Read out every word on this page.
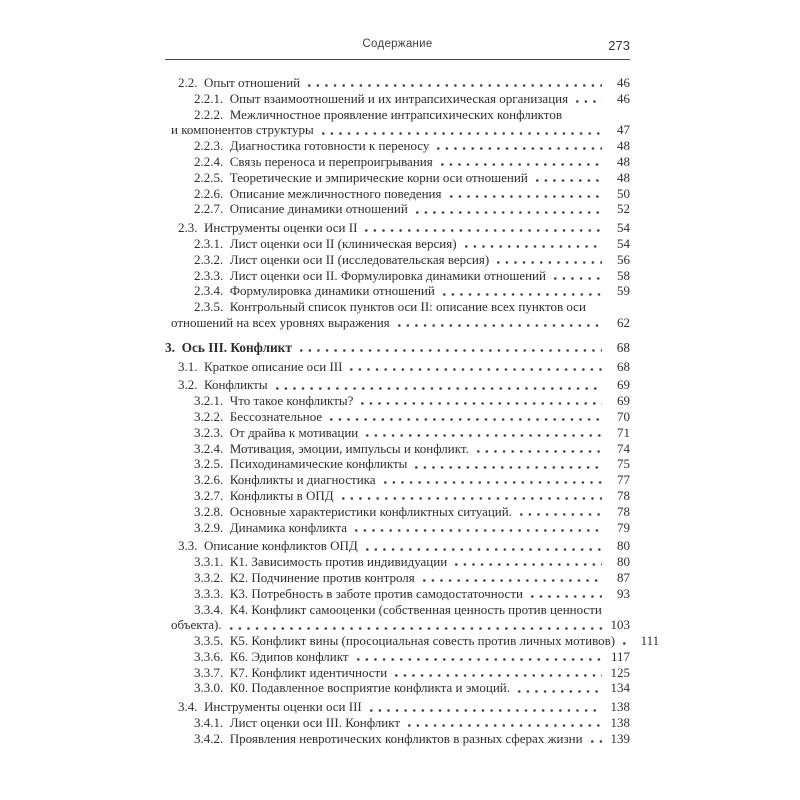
Содержание	273
2.2. Опыт отношений	46
2.2.1. Опыт взаимоотношений и их интрапсихическая организация	46
2.2.2. Межличностное проявление интрапсихических конфликтов
и компонентов структуры	47
2.2.3. Диагностика готовности к переносу	48
2.2.4. Связь переноса и перепроигрывания	48
2.2.5. Теоретические и эмпирические корни оси отношений	48
2.2.6. Описание межличностного поведения	50
2.2.7. Описание динамики отношений	52
2.3. Инструменты оценки оси II	54
2.3.1. Лист оценки оси II (клиническая версия)	54
2.3.2. Лист оценки оси II (исследовательская версия)	56
2.3.3. Лист оценки оси II. Формулировка динамики отношений	58
2.3.4. Формулировка динамики отношений	59
2.3.5. Контрольный список пунктов оси II: описание всех пунктов оси
отношений на всех уровнях выражения	62
3. Ось III. Конфликт	68
3.1. Краткое описание оси III	68
3.2. Конфликты	69
3.2.1. Что такое конфликты?	69
3.2.2. Бессознательное	70
3.2.3. От драйва к мотивации	71
3.2.4. Мотивация, эмоции, импульсы и конфликт.	74
3.2.5. Психодинамические конфликты	75
3.2.6. Конфликты и диагностика	77
3.2.7. Конфликты в ОПД	78
3.2.8. Основные характеристики конфликтных ситуаций.	78
3.2.9. Динамика конфликта	79
3.3. Описание конфликтов ОПД	80
3.3.1. К1. Зависимость против индивидуации	80
3.3.2. К2. Подчинение против контроля	87
3.3.3. К3. Потребность в заботе против самодостаточности	93
3.3.4. К4. Конфликт самооценки (собственная ценность против ценности
объекта).	103
3.3.5. К5. Конфликт вины (просоциальная совесть против личных мотивов)	111
3.3.6. К6. Эдипов конфликт	117
3.3.7. К7. Конфликт идентичности	125
3.3.0. К0. Подавленное восприятие конфликта и эмоций.	134
3.4. Инструменты оценки оси III	138
3.4.1. Лист оценки оси III. Конфликт	138
3.4.2. Проявления невротических конфликтов в разных сферах жизни	139
